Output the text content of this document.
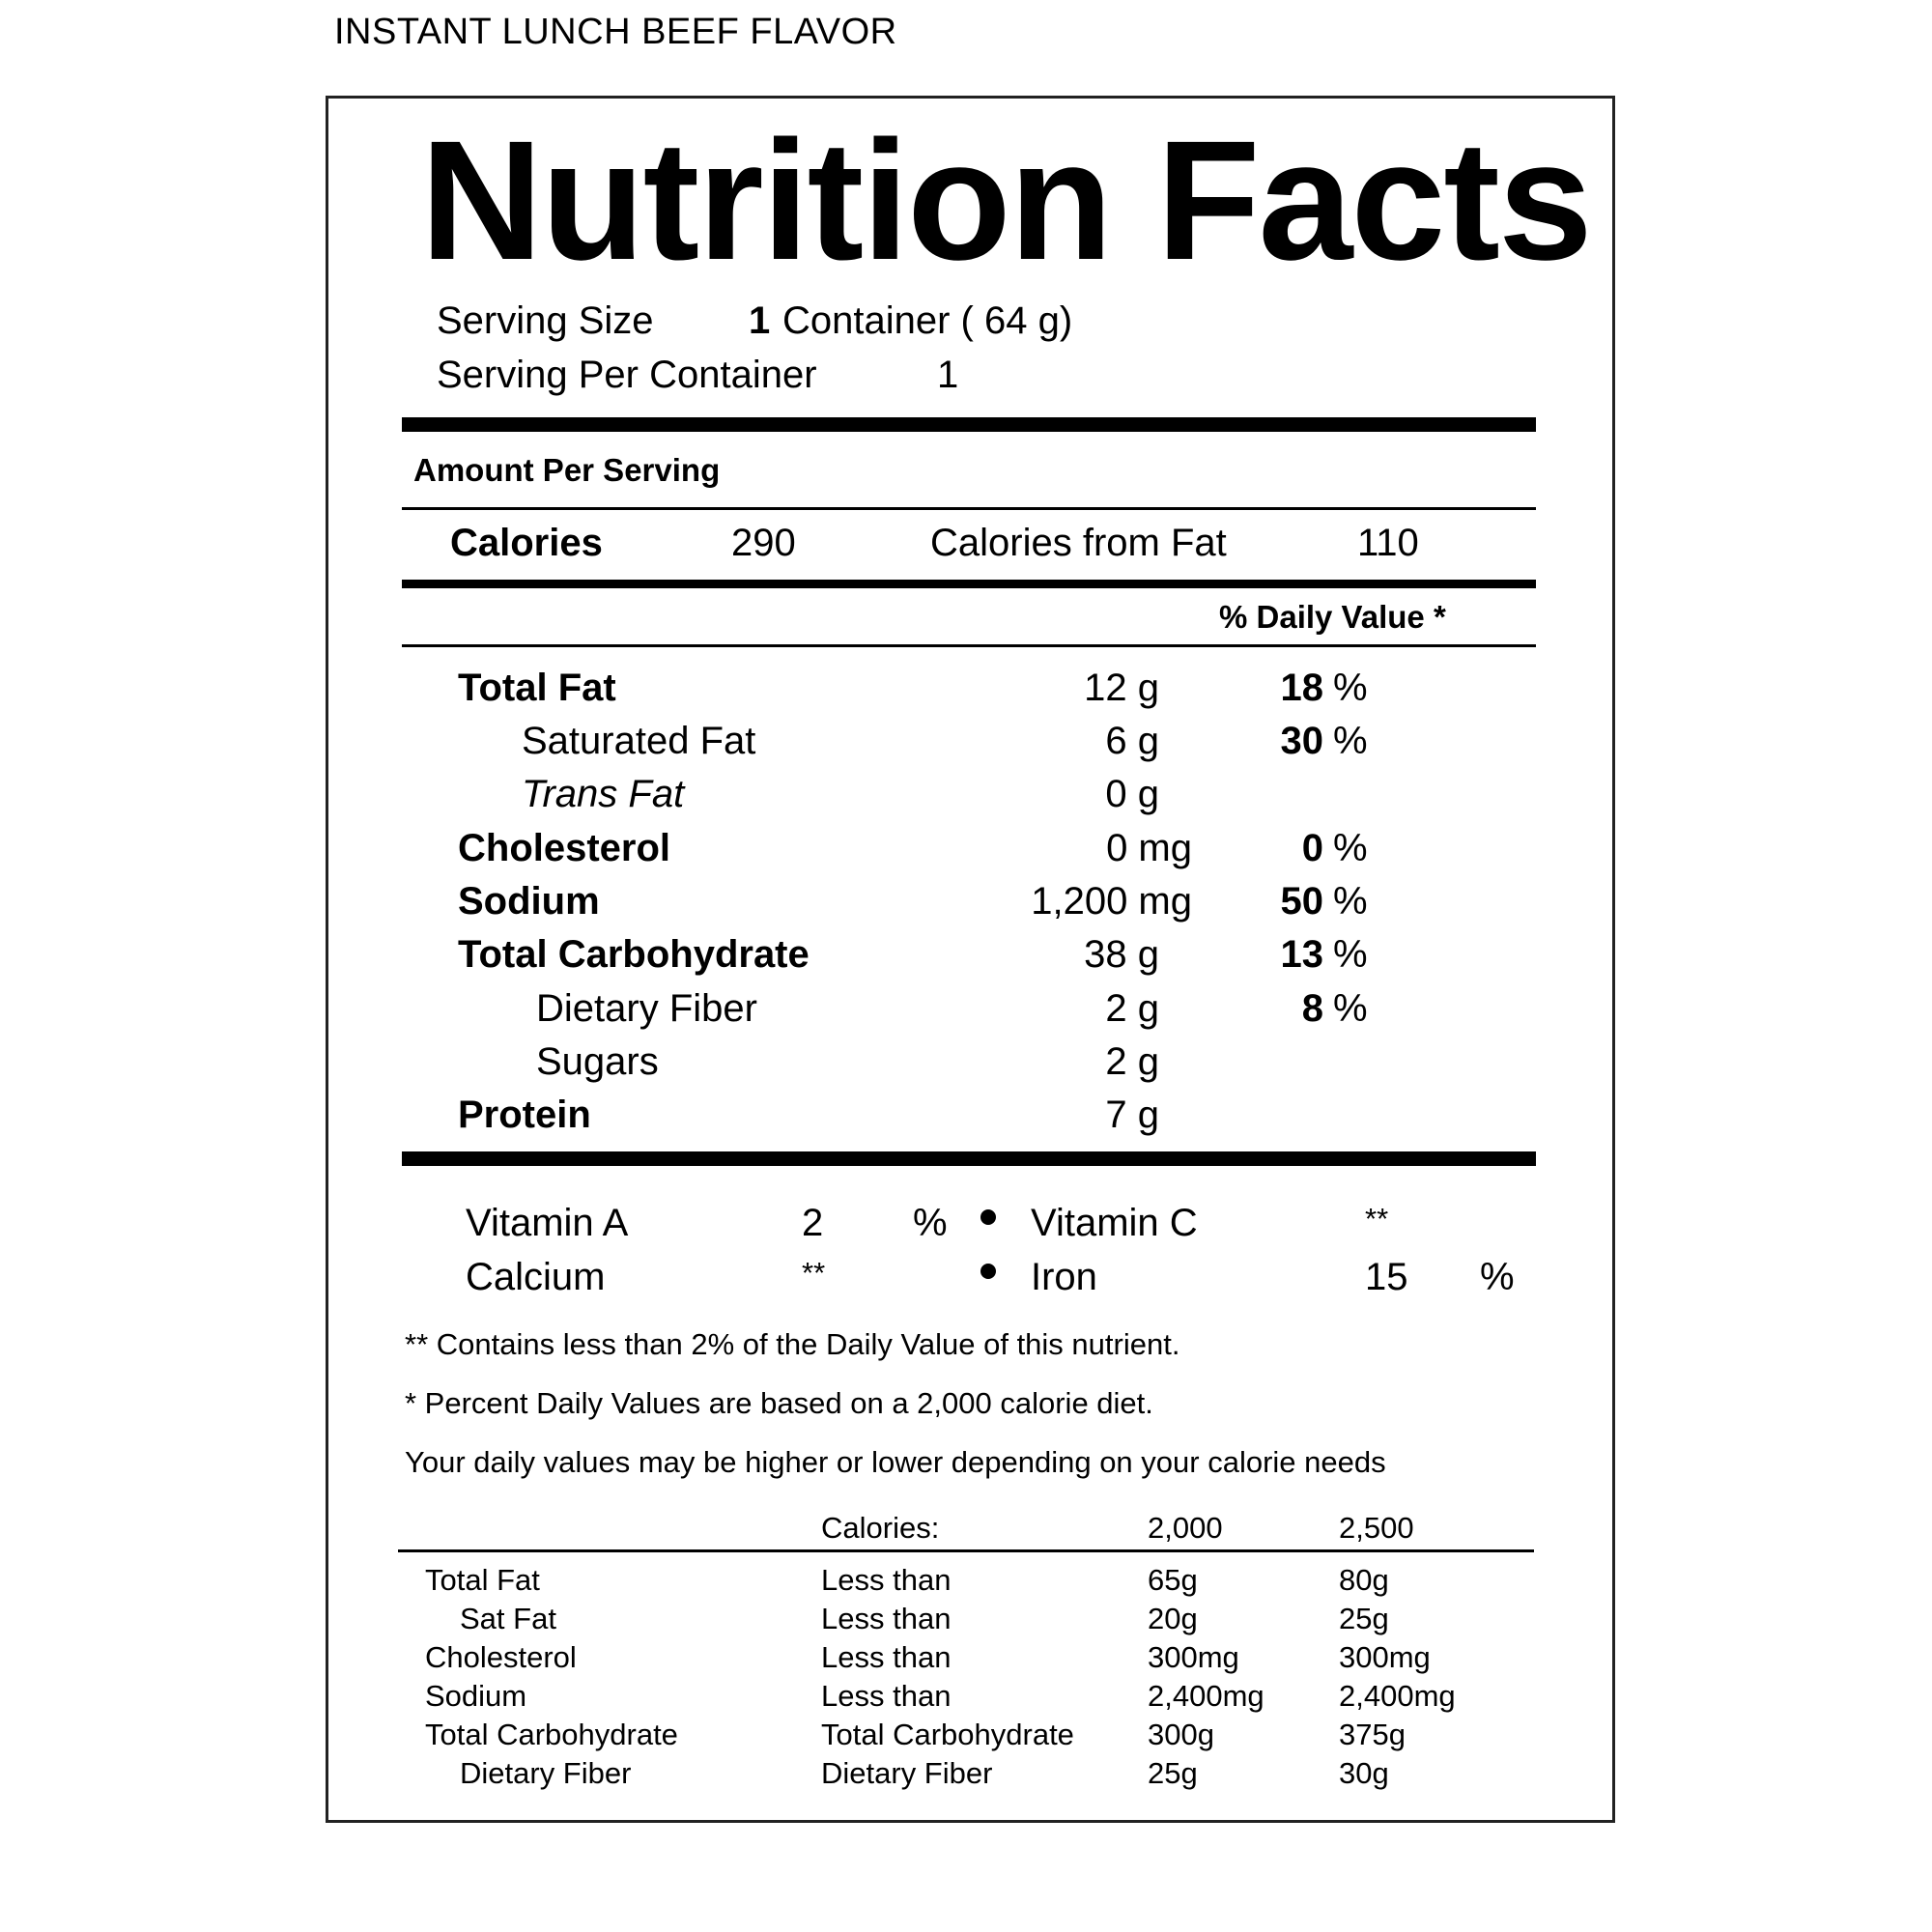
INSTANT LUNCH BEEF FLAVOR
Nutrition Facts
Serving Size 1 Container ( 64 g)
Serving Per Container	1
Amount Per Serving
Calories	290	Calories from Fat	110
% Daily Value *
Total Fat	12 g	18 %
Saturated Fat	6 g	30 %
Trans Fat	0 g
Cholesterol	0 mg	0 %
Sodium	1,200 mg	50 %
Total Carbohydrate	38 g	13 %
Dietary Fiber	2 g	8 %
Sugars	2 g
Protein	7 g
Vitamin A	2 % Vitamin C	**
Calcium	**	Iron	15 %
** Contains less than 2% of the Daily Value of this nutrient.
* Percent Daily Values are based on a 2,000 calorie diet.
Your daily values may be higher or lower depending on your calorie needs
Calories:	2,000	2,500
Total Fat	Less than	65g	80g
Sat Fat	Less than	20g	25g
Cholesterol	Less than	300mg	300mg
Sodium	Less than	2,400mg 2,400mg
Total Carbohydrate	Total Carbohydrate 300g	375g
Dietary Fiber	Dietary Fiber	25g	30g
